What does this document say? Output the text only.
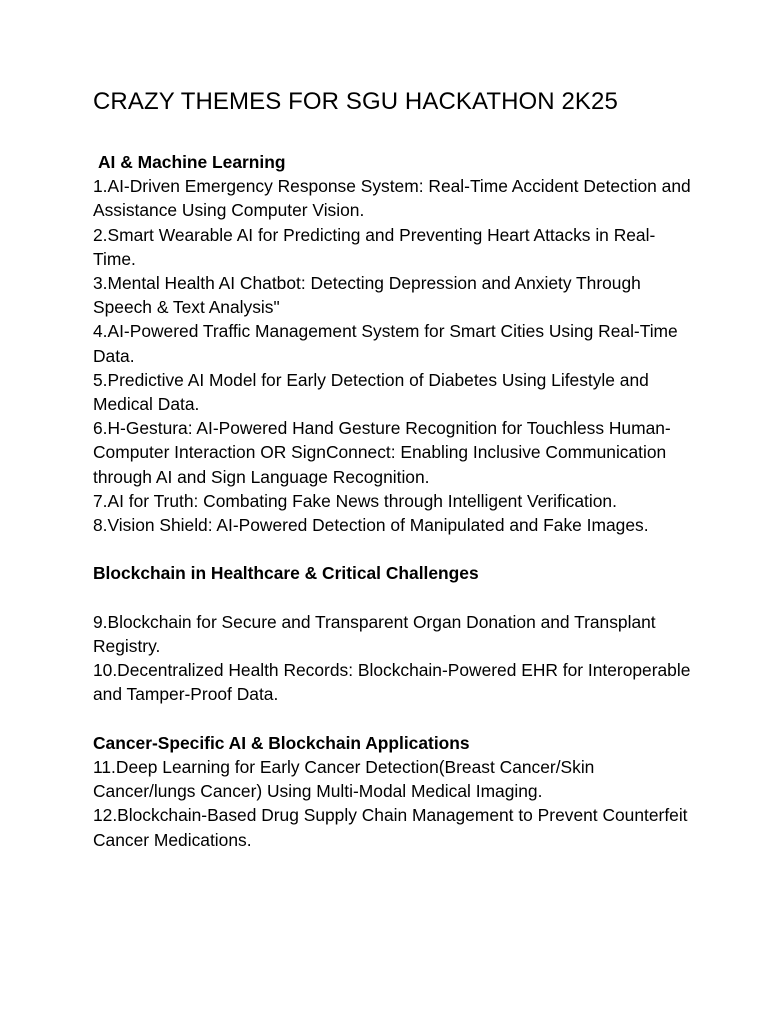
CRAZY THEMES FOR SGU HACKATHON 2K25

AI & Machine Learning

1.AI-Driven Emergency Response System: Real-Time Accident Detection and Assistance Using Computer Vision.

2.Smart Wearable AI for Predicting and Preventing Heart Attacks in Real-Time.

3.Mental Health AI Chatbot: Detecting Depression and Anxiety Through Speech & Text Analysis"

4.AI-Powered Traffic Management System for Smart Cities Using Real-Time Data.

5.Predictive AI Model for Early Detection of Diabetes Using Lifestyle and Medical Data.

6.H-Gestura: AI-Powered Hand Gesture Recognition for Touchless Human-Computer Interaction OR SignConnect: Enabling Inclusive Communication through AI and Sign Language Recognition.

7.AI for Truth: Combating Fake News through Intelligent Verification.

8.Vision Shield: AI-Powered Detection of Manipulated and Fake Images.

Blockchain in Healthcare & Critical Challenges

9.Blockchain for Secure and Transparent Organ Donation and Transplant Registry.

10.Decentralized Health Records: Blockchain-Powered EHR for Interoperable and Tamper-Proof Data.

Cancer-Specific AI & Blockchain Applications

11.Deep Learning for Early Cancer Detection(Breast Cancer/Skin Cancer/lungs Cancer) Using Multi-Modal Medical Imaging.

12.Blockchain-Based Drug Supply Chain Management to Prevent Counterfeit Cancer Medications.
